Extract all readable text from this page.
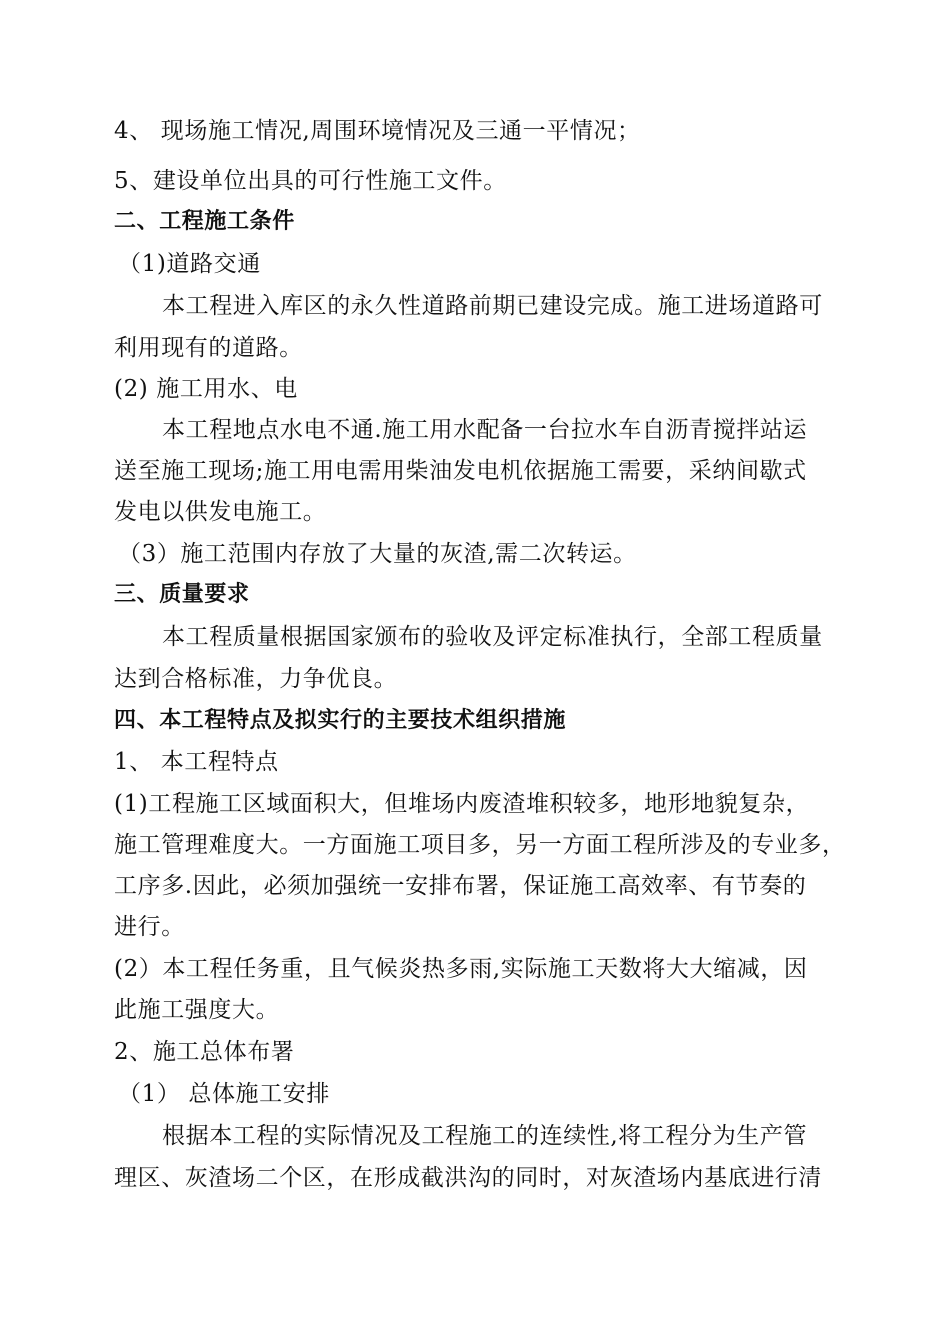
4、 现场施工情况,周围环境情况及三通一平情况；
5、建设单位出具的可行性施工文件。
二、工程施工条件
（1)道路交通
本工程进入库区的永久性道路前期已建设完成。施工进场道路可
利用现有的道路。
(2) 施工用水、电
本工程地点水电不通.施工用水配备一台拉水车自沥青搅拌站运
送至施工现场;施工用电需用柴油发电机依据施工需要，采纳间歇式
发电以供发电施工。
（3）施工范围内存放了大量的灰渣,需二次转运。
三、质量要求
本工程质量根据国家颁布的验收及评定标准执行，全部工程质量
达到合格标准，力争优良。
四、本工程特点及拟实行的主要技术组织措施
1、 本工程特点
(1)工程施工区域面积大，但堆场内废渣堆积较多，地形地貌复杂，
施工管理难度大。一方面施工项目多，另一方面工程所涉及的专业多，
工序多.因此，必须加强统一安排布署，保证施工高效率、有节奏的
进行。
(2）本工程任务重，且气候炎热多雨,实际施工天数将大大缩减，因
此施工强度大。
2、施工总体布署
（1） 总体施工安排
根据本工程的实际情况及工程施工的连续性,将工程分为生产管
理区、灰渣场二个区，在形成截洪沟的同时，对灰渣场内基底进行清
